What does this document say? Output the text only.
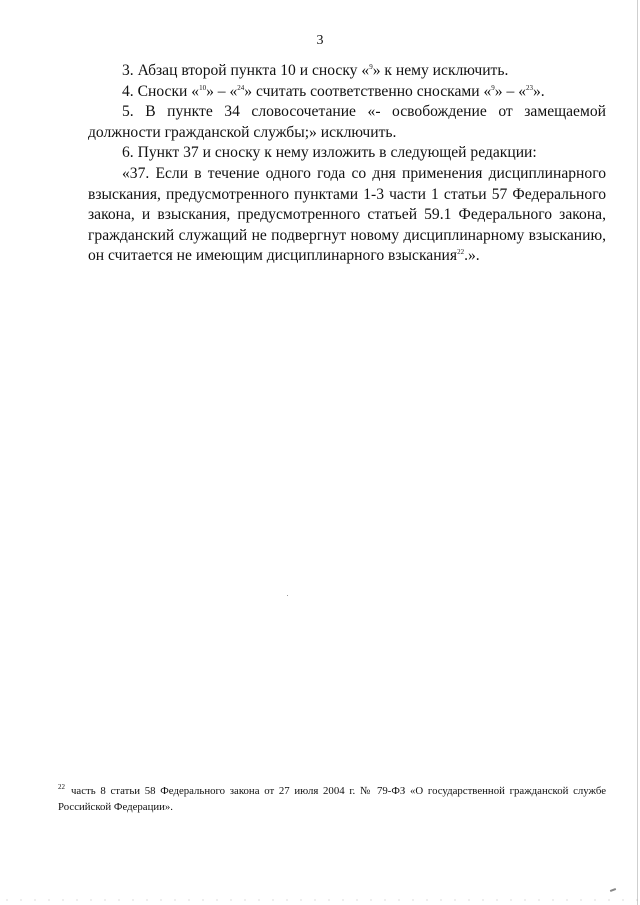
3

3. Абзац второй пункта 10 и сноску «$^9$» к нему исключить.

4. Сноски «$^{10}$» – «$^{24}$» считать соответственно сносками «$^9$» – «$^{23}$».

5. В пункте 34 словосочетание «- освобождение от замещаемой должности гражданской службы;» исключить.

6. Пункт 37 и сноску к нему изложить в следующей редакции:

«37. Если в течение одного года со дня применения дисциплинарного взыскания, предусмотренного пунктами 1-3 части 1 статьи 57 Федерального закона, и взыскания, предусмотренного статьей 59.1 Федерального закона, гражданский служащий не подвергнут новому дисциплинарному взысканию, он считается не имеющим дисциплинарного взыскания$^{22}$.».

$^{22}$ часть 8 статьи 58 Федерального закона от 27 июля 2004 г. № 79-ФЗ «О государственной гражданской службе Российской Федерации».
